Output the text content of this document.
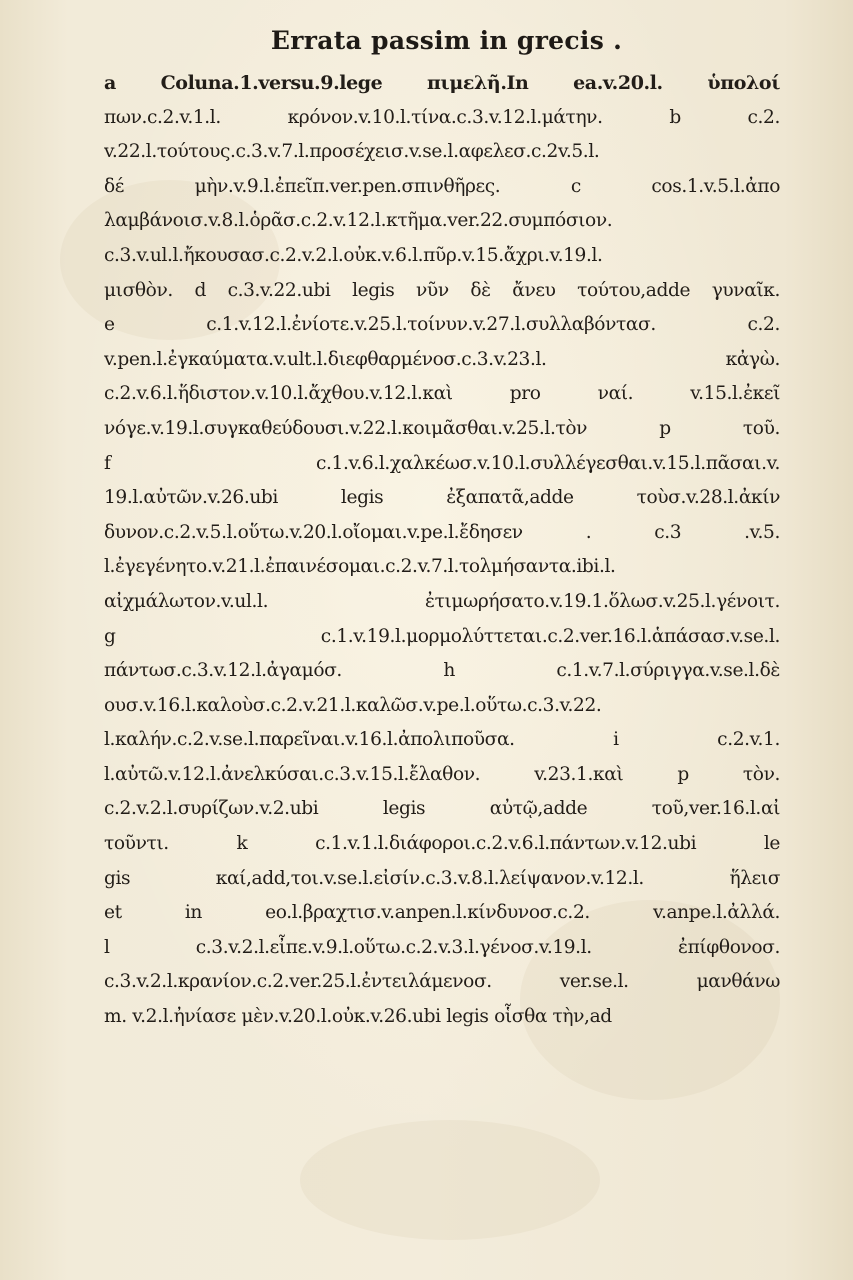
Errata passim in grecis .
a Coluna.1.versu.9.lege πιμελῆ.In ea.v.20.l. ὑπολοί
πων.c.2.v.1.l. κρόνον.v.10.l.τίνα.c.3.v.12.l.μάτην. b c.2.
v.22.l.τούτους.c.3.v.7.l.προσέχεισ.v.se.l.αφελεσ.c.2v.5.l.
δέ μὴν.v.9.l.ἐπεῖπ.ver.pen.σπινθῆρες. c cos.1.v.5.l.ἀπο
λαμβάνοισ.v.8.l.ὁρᾶσ.c.2.v.12.l.κτῆμα.ver.22.συμπόσιον.
c.3.v.ul.l.ἤκουσασ.c.2.v.2.l.οὐκ.v.6.l.πῦρ.v.15.ἄχρι.v.19.l.
μισθὸν. d c.3.v.22.ubi legis νῦν δὲ ἄνευ τούτου,adde γυναῖκ.
e c.1.v.12.l.ἐνίοτε.v.25.l.τοίνυν.v.27.l.συλλαβόντασ. c.2.
v.pen.l.ἐγκαύματα.v.ult.l.διεφθαρμένοσ.c.3.v.23.l. κἀγὼ.
c.2.v.6.l.ἥδιστον.v.10.l.ἄχθου.v.12.l.καὶ pro ναί. v.15.l.ἐκεῖ
νόγε.v.19.l.συγκαθεύδουσι.v.22.l.κοιμᾶσθαι.v.25.l.τὸν p τοῦ.
f c.1.v.6.l.χαλκέωσ.v.10.l.συλλέγεσθαι.v.15.l.πᾶσαι.v.
19.l.αὐτῶν.v.26.ubi legis ἐξαπατᾶ,adde τοὺσ.v.28.l.ἀκίν
δυνον.c.2.v.5.l.οὕτω.v.20.l.οἴομαι.v.pe.l.ἔδησεν . c.3 .v.5.
l.ἐγεγένητο.v.21.l.ἐπαινέσομαι.c.2.v.7.l.τολμήσαντα.ibi.l.
αἰχμάλωτον.v.ul.l. ἐτιμωρήσατο.v.19.1.ὅλωσ.v.25.l.γένοιτ.
g c.1.v.19.l.μορμολύττεται.c.2.ver.16.l.ἁπάσασ.v.se.l.
πάντωσ.c.3.v.12.l.ἀγαμόσ. h c.1.v.7.l.σύριγγα.v.se.l.δὲ
ουσ.v.16.l.καλοὺσ.c.2.v.21.l.καλῶσ.v.pe.l.οὕτω.c.3.v.22.
l.καλήν.c.2.v.se.l.παρεῖναι.v.16.l.ἀπολιποῦσα. i c.2.v.1.
l.αὐτῶ.v.12.l.ἀνελκύσαι.c.3.v.15.l.ἔλαθον. v.23.1.καὶ p τὸν.
c.2.v.2.l.συρίζων.v.2.ubi legis αὐτῷ,adde τοῦ,ver.16.l.αἰ
τοῦντι. k c.1.v.1.l.διάφοροι.c.2.v.6.l.πάντων.v.12.ubi le
gis καί,add,τοι.v.se.l.εἰσίν.c.3.v.8.l.λείψανον.v.12.l. ἥλεισ
et in eo.l.βραχτισ.v.anpen.l.κίνδυνοσ.c.2. v.anpe.l.ἀλλά.
l c.3.v.2.l.εἶπε.v.9.l.οὕτω.c.2.v.3.l.γένοσ.v.19.l. ἐπίφθονοσ.
c.3.v.2.l.κρανίον.c.2.ver.25.l.ἐντειλάμενοσ. ver.se.l. μανθάνω
m. v.2.l.ἠνίασε μὲν.v.20.l.οὐκ.v.26.ubi legis οἷσθα τὴν,ad
